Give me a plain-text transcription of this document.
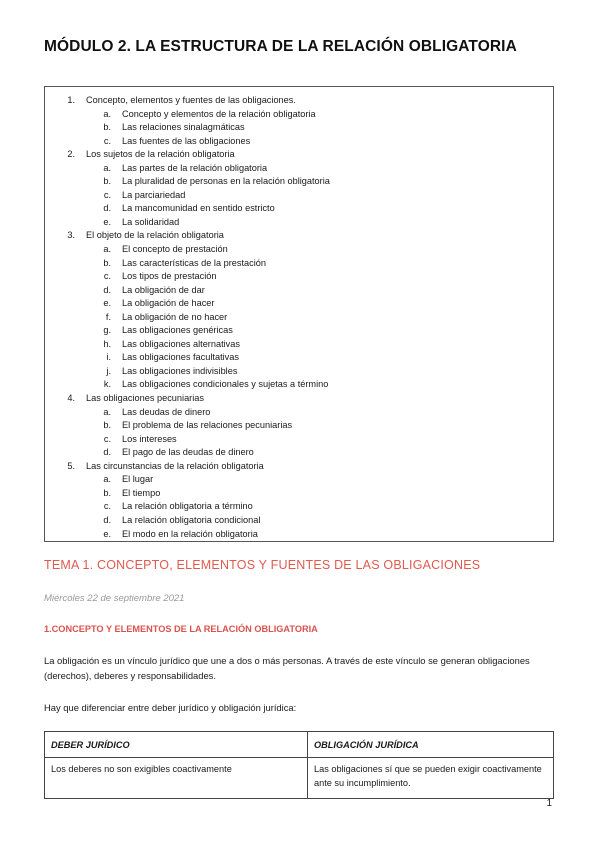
MÓDULO 2. LA ESTRUCTURA DE LA RELACIÓN OBLIGATORIA
1. Concepto, elementos y fuentes de las obligaciones.
a. Concepto y elementos de la relación obligatoria
b. Las relaciones sinalagmáticas
c. Las fuentes de las obligaciones
2. Los sujetos de la relación obligatoria
a. Las partes de la relación obligatoria
b. La pluralidad de personas en la relación obligatoria
c. La parciariedad
d. La mancomunidad en sentido estricto
e. La solidaridad
3. El objeto de la relación obligatoria
a. El concepto de prestación
b. Las características de la prestación
c. Los tipos de prestación
d. La obligación de dar
e. La obligación de hacer
f. La obligación de no hacer
g. Las obligaciones genéricas
h. Las obligaciones alternativas
i. Las obligaciones facultativas
j. Las obligaciones indivisibles
k. Las obligaciones condicionales y sujetas a término
4. Las obligaciones pecuniarias
a. Las deudas de dinero
b. El problema de las relaciones pecuniarias
c. Los intereses
d. El pago de las deudas de dinero
5. Las circunstancias de la relación obligatoria
a. El lugar
b. El tiempo
c. La relación obligatoria a término
d. La relación obligatoria condicional
e. El modo en la relación obligatoria
TEMA 1. CONCEPTO, ELEMENTOS Y FUENTES DE LAS OBLIGACIONES
Miércoles 22 de septiembre 2021
1.CONCEPTO Y ELEMENTOS DE LA RELACIÓN OBLIGATORIA
La obligación es un vínculo jurídico que une a dos o más personas. A través de este vínculo se generan obligaciones (derechos), deberes y responsabilidades.
Hay que diferenciar entre deber jurídico y obligación jurídica:
DEBER JURÍDICO	OBLIGACIÓN JURÍDICA
Los deberes no son exigibles coactivamente	Las obligaciones sí que se pueden exigir coactivamente ante su incumplimiento.
1
